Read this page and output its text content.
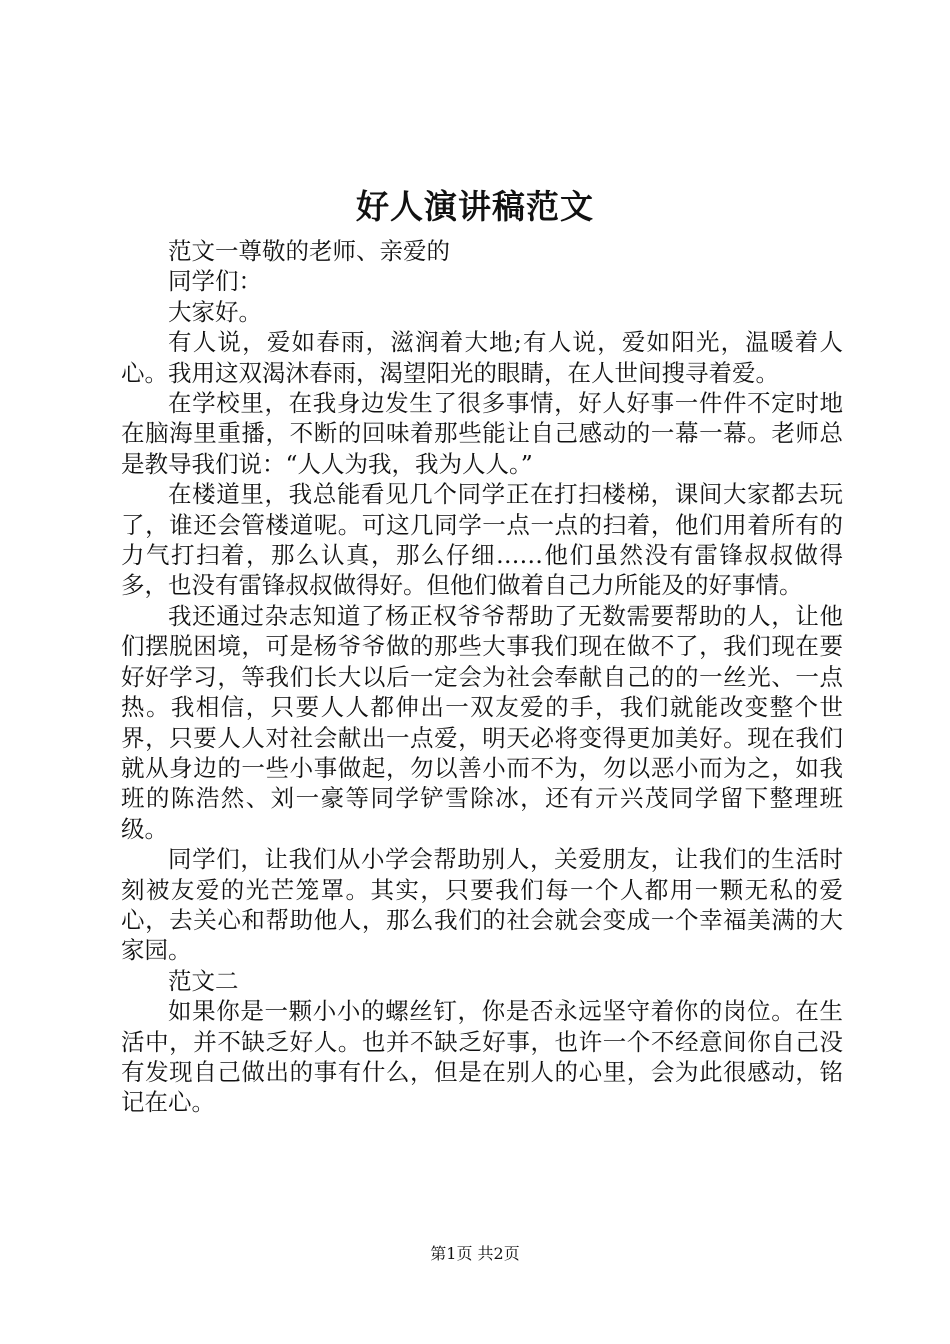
好人演讲稿范文

范文一尊敬的老师、亲爱的

同学们：

大家好。

有人说，爱如春雨，滋润着大地;有人说，爱如阳光，温暖着人心。我用这双渴沐春雨，渴望阳光的眼睛，在人世间搜寻着爱。

在学校里，在我身边发生了很多事情，好人好事一件件不定时地在脑海里重播，不断的回味着那些能让自己感动的一幕一幕。老师总是教导我们说：“人人为我，我为人人。”

在楼道里，我总能看见几个同学正在打扫楼梯，课间大家都去玩了，谁还会管楼道呢。可这几同学一点一点的扫着，他们用着所有的力气打扫着，那么认真，那么仔细……他们虽然没有雷锋叔叔做得多，也没有雷锋叔叔做得好。但他们做着自己力所能及的好事情。

我还通过杂志知道了杨正权爷爷帮助了无数需要帮助的人，让他们摆脱困境，可是杨爷爷做的那些大事我们现在做不了，我们现在要好好学习，等我们长大以后一定会为社会奉献自己的的一丝光、一点热。我相信，只要人人都伸出一双友爱的手，我们就能改变整个世界，只要人人对社会献出一点爱，明天必将变得更加美好。现在我们就从身边的一些小事做起，勿以善小而不为，勿以恶小而为之，如我班的陈浩然、刘一豪等同学铲雪除冰，还有亓兴茂同学留下整理班级。

同学们，让我们从小学会帮助别人，关爱朋友，让我们的生活时刻被友爱的光芒笼罩。其实，只要我们每一个人都用一颗无私的爱心，去关心和帮助他人，那么我们的社会就会变成一个幸福美满的大家园。

范文二

如果你是一颗小小的螺丝钉，你是否永远坚守着你的岗位。在生活中，并不缺乏好人。也并不缺乏好事，也许一个不经意间你自己没有发现自己做出的事有什么，但是在别人的心里，会为此很感动，铭记在心。

第1页 共2页
